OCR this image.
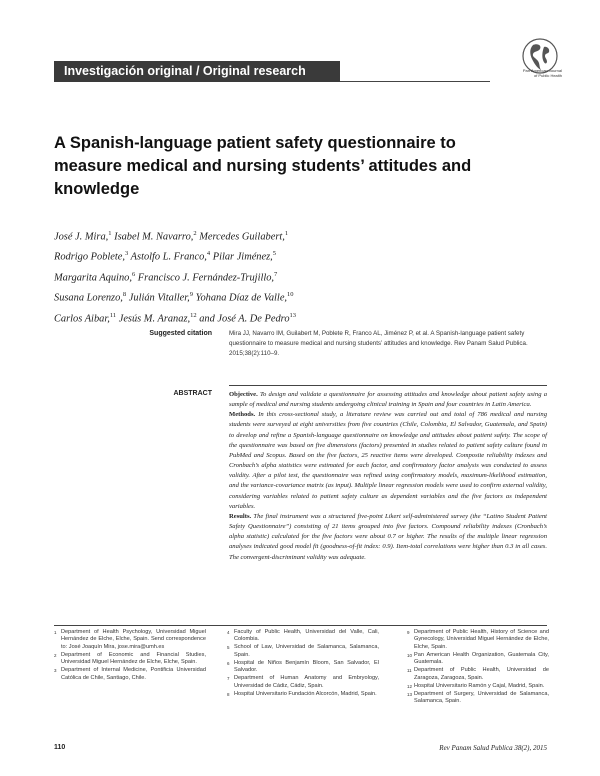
Investigación original / Original research	Pan American Journal
of Public Health
A Spanish-language patient safety questionnaire to measure medical and nursing students’ attitudes and knowledge
José J. Mira,$^1$ Isabel M. Navarro,$^2$ Mercedes Guilabert,$^1$
Rodrigo Poblete,$^3$ Astolfo L. Franco,$^4$ Pilar Jiménez,$^5$
Margarita Aquino,$^6$ Francisco J. Fernández-Trujillo,$^7$
Susana Lorenzo,$^8$ Julián Vitaller,$^9$ Yohana Díaz de Valle,$^{10}$
Carlos Aibar,$^{11}$ Jesús M. Aranaz,$^{12}$ and José A. De Pedro$^{13}$
Suggested citation	Mira JJ, Navarro IM, Guilabert M, Poblete R, Franco AL, Jiménez P, et al. A Spanish-language patient safety questionnaire to measure medical and nursing students’ attitudes and knowledge. Rev Panam Salud Publica. 2015;38(2):110–9.
ABSTRACT	Objective. To design and validate a questionnaire for assessing attitudes and knowledge about patient safety using a sample of medical and nursing students undergoing clinical training in Spain and four countries in Latin America.

Methods. In this cross-sectional study, a literature review was carried out and total of 786 medical and nursing students were surveyed at eight universities from five countries (Chile, Colombia, El Salvador, Guatemala, and Spain) to develop and refine a Spanish-language questionnaire on knowledge and attitudes about patient safety. The scope of the questionnaire was based on five dimensions (factors) presented in studies related to patient safety culture found in PubMed and Scopus. Based on the five factors, 25 reactive items were developed. Composite reliability indexes and Cronbach’s alpha statistics were estimated for each factor, and confirmatory factor analysis was conducted to assess validity. After a pilot test, the questionnaire was refined using confirmatory models, maximum-likelihood estimation, and the variance-covariance matrix (as input). Multiple linear regression models were used to confirm external validity, considering variables related to patient safety culture as dependent variables and the five factors as independent variables.

Results. The final instrument was a structured five-point Likert self-administered survey (the “Latino Student Patient Safety Questionnaire”) consisting of 21 items grouped into five factors. Compound reliability indexes (Cronbach’s alpha statistic) calculated for the five factors were about 0.7 or higher. The results of the multiple linear regression analyses indicated good model fit (goodness-of-fit index: 0.9). Item-total correlations were higher than 0.3 in all cases. The convergent-discriminant validity was adequate.

1 Department of Health Psychology, Universidad Miguel Hernández de Elche, Elche, Spain. Send correspondence to: José Joaquín Mira, jose.mira@umh.es
2 Department of Economic and Financial Studies, Universidad Miguel Hernández de Elche, Elche, Spain.
3 Department of Internal Medicine, Pontificia Universidad Católica de Chile, Santiago, Chile.
4 Faculty of Public Health, Universidad del Valle, Cali, Colombia.
5 School of Law, Universidad de Salamanca, Salamanca, Spain.
6 Hospital de Niños Benjamín Bloom, San Salvador, El Salvador.
7 Department of Human Anatomy and Embryology, Universidad de Cádiz, Cádiz, Spain.
8 Hospital Universitario Fundación Alcorcón, Madrid, Spain.
9 Department of Public Health, History of Science and Gynecology, Universidad Miguel Hernández de Elche, Elche, Spain.
10 Pan American Health Organization, Guatemala City, Guatemala.
11 Department of Public Health, Universidad de Zaragoza, Zaragoza, Spain.
12 Hospital Universitario Ramón y Cajal, Madrid, Spain.
13 Department of Surgery, Universidad de Salamanca, Salamanca, Spain.
110	Rev Panam Salud Publica 38(2), 2015
